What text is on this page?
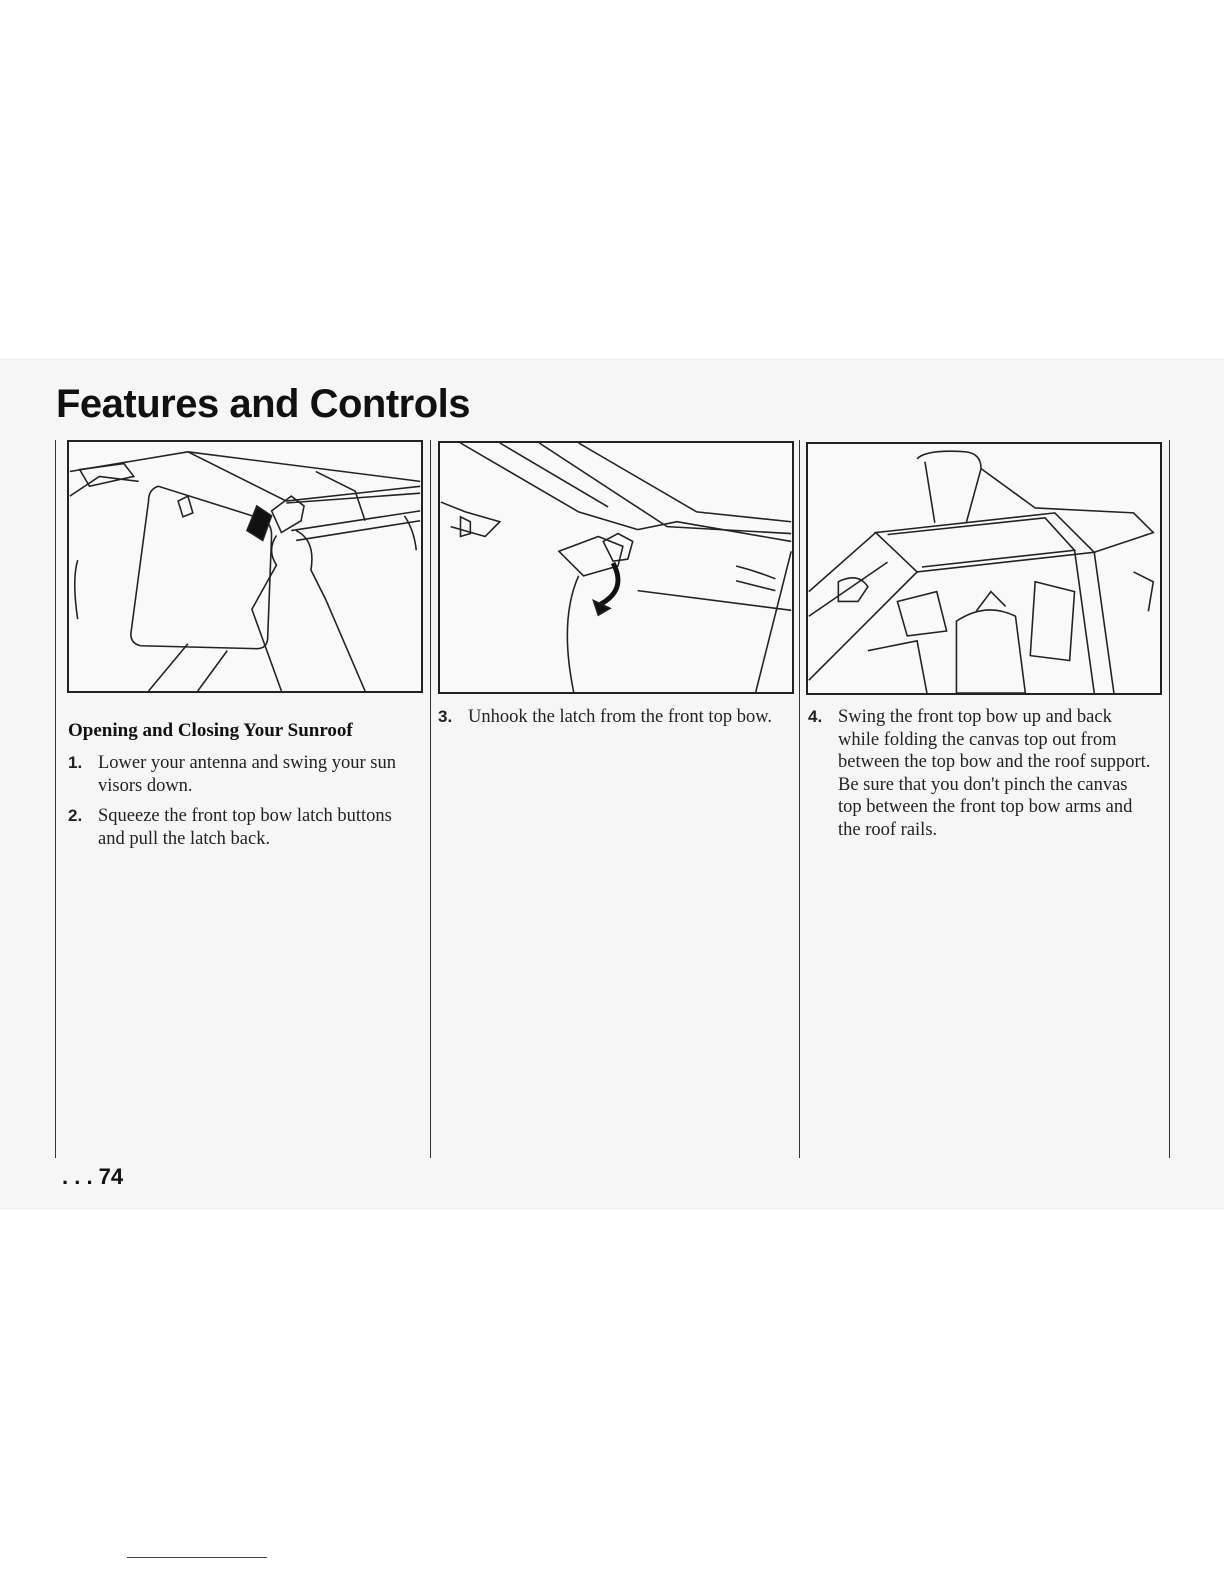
Features and Controls
Opening and Closing Your Sunroof
1. Lower your antenna and swing your sun visors down.
2. Squeeze the front top bow latch buttons and pull the latch back.
3. Unhook the latch from the front top bow.	4. Swing the front top bow up and back while folding the canvas top out from between the top bow and the roof support. Be sure that you don't pinch the canvas top between the front top bow arms and the roof rails.
. . . 74
